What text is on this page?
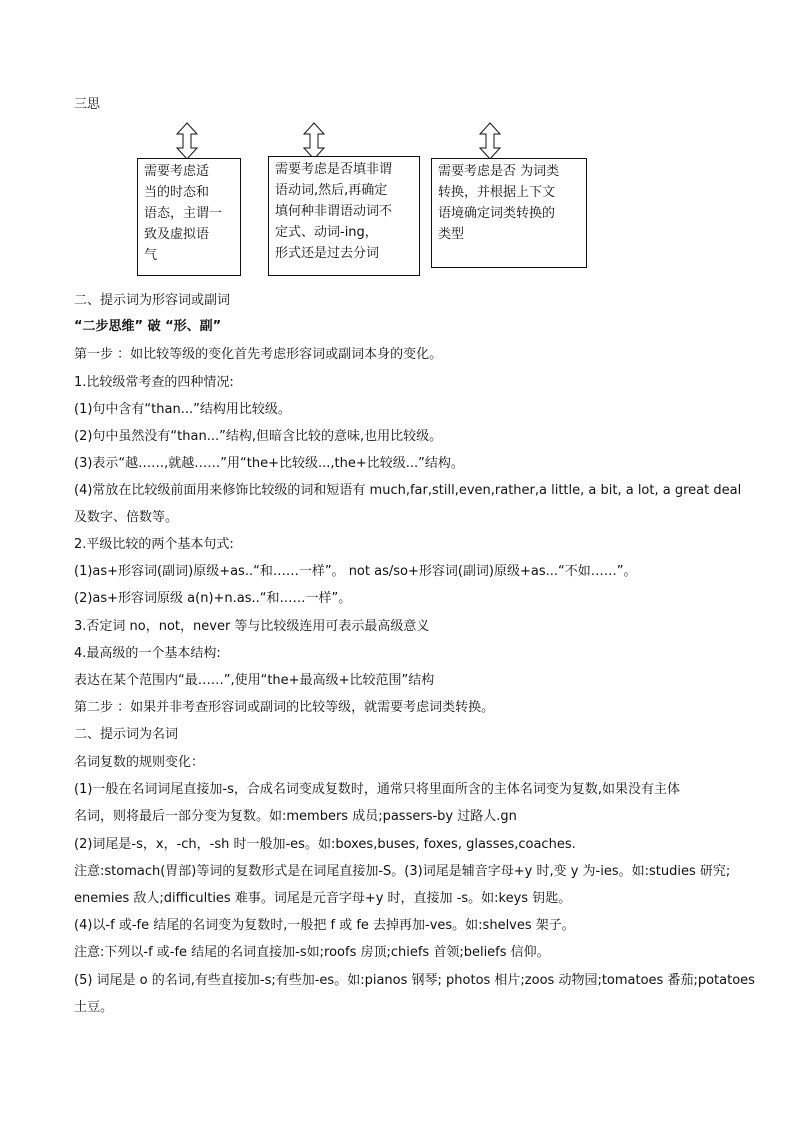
三思
需要考虑适
当的时态和
语态，主谓一
致及虚拟语
气
需要考虑是否填非谓
语动词,然后,再确定
填何种非谓语动词不
定式、动词-ing，
形式还是过去分词
需要考虑是否 为词类
转换，并根据上下文
语境确定词类转换的
类型
二、提示词为形容词或副词
“二步思维” 破 “形、副”
第一步 ：如比较等级的变化首先考虑形容词或副词本身的变化。
1.比较级常考查的四种情况:
(1)句中含有“than...”结构用比较级。
(2)句中虽然没有“than...”结构,但暗含比较的意味,也用比较级。
(3)表示“越……,就越……”用“the+比较级...,the+比较级...”结构。
(4)常放在比较级前面用来修饰比较级的词和短语有 much,far,still,even,rather,a little, a bit, a lot, a great deal
及数字、倍数等。
2.平级比较的两个基本句式:
(1)as+形容词(副词)原级+as..“和……一样”。 not as/so+形容词(副词)原级+as...“不如……”。
(2)as+形容词原级 a(n)+n.as..“和……一样”。
3.否定词 no，not，never 等与比较级连用可表示最高级意义
4.最高级的一个基本结构:
表达在某个范围内“最……”,使用“the+最高级+比较范围”结构
第二步 ：如果并非考查形容词或副词的比较等级，就需要考虑词类转换。
二、提示词为名词
名词复数的规则变化：
(1)一般在名词词尾直接加-s，合成名词变成复数时，通常只将里面所含的主体名词变为复数,如果没有主体
名词，则将最后一部分变为复数。如:members 成员;passers-by 过路人.gn
(2)词尾是-s，x，-ch，-sh 时一般加-es。如:boxes,buses, foxes, glasses,coaches.
注意:stomach(胃部)等词的复数形式是在词尾直接加-S。(3)词尾是辅音字母+y 时,变 y 为-ies。如:studies 研究;
enemies 敌人;difficulties 难事。词尾是元音字母+y 时，直接加 -s。如:keys 钥匙。
(4)以-f 或-fe 结尾的名词变为复数时,一般把 f 或 fe 去掉再加-ves。如:shelves 架子。
注意:下列以-f 或-fe 结尾的名词直接加-s如;roofs 房顶;chiefs 首领;beliefs 信仰。
(5) 词尾是 o 的名词,有些直接加-s;有些加-es。如:pianos 钢琴; photos 相片;zoos 动物园;tomatoes 番茄;potatoes
土豆。
